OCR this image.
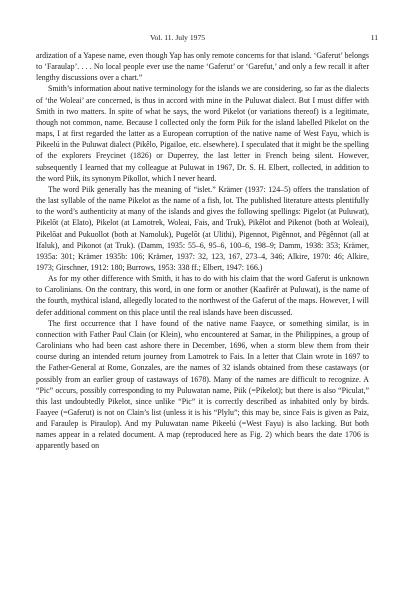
Vol. 11. July 1975	11

ardization of a Yapese name, even though Yap has only remote concerns for that island. ‘Gaferut’ belongs to ‘Faraulap’. . . . No local people ever use the name ‘Gaferut’ or ‘Garefut,’ and only a few recall it after lengthy discussions over a chart.”

Smith’s information about native terminology for the islands we are considering, so far as the dialects of ‘the Woleai’ are concerned, is thus in accord with mine in the Puluwat dialect. But I must differ with Smith in two matters. In spite of what he says, the word Pikelot (or variations thereof) is a legitimate, though not common, name. Because I collected only the form Piik for the island labelled Pikelot on the maps, I at first regarded the latter as a European corruption of the native name of West Fayu, which is Pikeelú in the Puluwat dialect (Pikêlo, Pigailoe, etc. elsewhere). I speculated that it might be the spelling of the explorers Freycinet (1826) or Duperrey, the last letter in French being silent. However, subsequently I learned that my colleague at Puluwat in 1967, Dr. S. H. Elbert, collected, in addition to the word Piik, its synonym Pikollot, which I never heard.

The word Piik generally has the meaning of “islet.” Krämer (1937: 124–5) offers the translation of the last syllable of the name Pikelot as the name of a fish, lot. The published literature attests plentifully to the word’s authenticity at many of the islands and gives the following spellings: Pigelot (at Puluwat), Pikelōt (at Elato), Pikelot (at Lamotrek, Woleai, Fais, and Truk), Pikêlot and Pikenot (both at Woleai), Pikelōat and Pukuollot (both at Namoluk), Pugelōt (at Ulithi), Pigennot, Pigênnot, and Pêgênnot (all at Ifaluk), and Pikonot (at Truk). (Damm, 1935: 55–6, 95–6, 100–6, 198–9; Damm, 1938: 353; Krämer, 1935a: 301; Krämer 1935b: 106; Krämer, 1937: 32, 123, 167, 273–4, 346; Alkire, 1970: 46; Alkire, 1973; Girschner, 1912: 180; Burrows, 1953: 338 ff.; Elbert, 1947: 166.)

As for my other difference with Smith, it has to do with his claim that the word Gaferut is unknown to Carolinians. On the contrary, this word, in one form or another (Kaafirêr at Puluwat), is the name of the fourth, mythical island, allegedly located to the northwest of the Gaferut of the maps. However, I will defer additional comment on this place until the real islands have been discussed.

The first occurrence that I have found of the native name Faayce, or something similar, is in connection with Father Paul Clain (or Klein), who encountered at Samar, in the Philippines, a group of Carolinians who had been cast ashore there in December, 1696, when a storm blew them from their course during an intended return journey from Lamotrek to Fais. In a letter that Clain wrote in 1697 to the Father-General at Rome, Gonzales, are the names of 32 islands obtained from these castaways (or possibly from an earlier group of castaways of 1678). Many of the names are difficult to recognize. A “Pic” occurs, possibly corresponding to my Puluwatan name, Piik (=Pikelot); but there is also “Piculat,” this last undoubtedly Pikelot, since unlike “Pic” it is correctly described as inhabited only by birds. Faayee (=Gaferut) is not on Clain’s list (unless it is his “Plylu”; this may be, since Fais is given as Paiz, and Faraulep is Piraulop). And my Puluwatan name Pikeelú (=West Fayu) is also lacking. But both names appear in a related document. A map (reproduced here as Fig. 2) which bears the date 1706 is apparently based on
